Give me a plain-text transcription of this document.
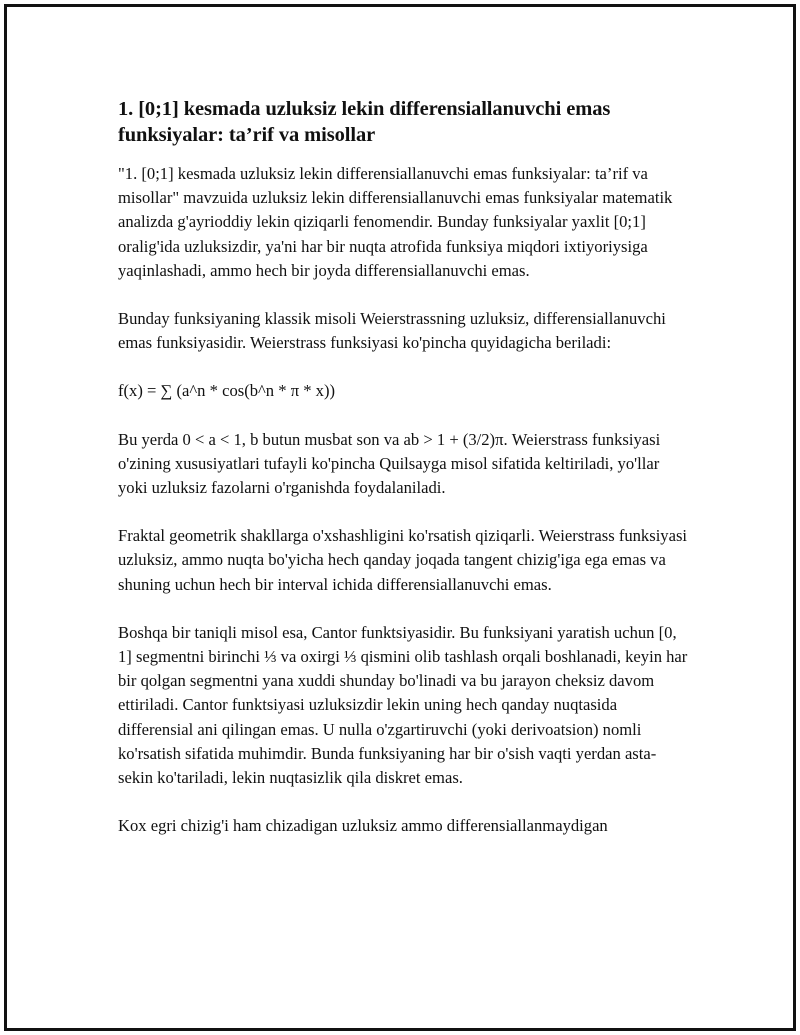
1. [0;1] kesmada uzluksiz lekin differensiallanuvchi emas funksiyalar: ta’rif va misollar

"1. [0;1] kesmada uzluksiz lekin differensiallanuvchi emas funksiyalar: ta’rif va misollar" mavzuida uzluksiz lekin differensiallanuvchi emas funksiyalar matematik analizda g'ayrioddiy lekin qiziqarli fenomendir. Bunday funksiyalar yaxlit [0;1] oralig'ida uzluksizdir, ya'ni har bir nuqta atrofida funksiya miqdori ixtiyoriysiga yaqinlashadi, ammo hech bir joyda differensiallanuvchi emas.

Bunday funksiyaning klassik misoli Weierstrassning uzluksiz, differensiallanuvchi emas funksiyasidir. Weierstrass funksiyasi ko'pincha quyidagicha beriladi:

f(x) = ∑ (a^n * cos(b^n * π * x))

Bu yerda 0 < a < 1, b butun musbat son va ab > 1 + (3/2)π. Weierstrass funksiyasi o'zining xususiyatlari tufayli ko'pincha Quilsayga misol sifatida keltiriladi, yo'llar yoki uzluksiz fazolarni o'rganishda foydalaniladi.

Fraktal geometrik shakllarga o'xshashligini ko'rsatish qiziqarli. Weierstrass funksiyasi uzluksiz, ammo nuqta bo'yicha hech qanday joqada tangent chizig'iga ega emas va shuning uchun hech bir interval ichida differensiallanuvchi emas.

Boshqa bir taniqli misol esa, Cantor funktsiyasidir. Bu funksiyani yaratish uchun [0, 1] segmentni birinchi ⅓ va oxirgi ⅓ qismini olib tashlash orqali boshlanadi, keyin har bir qolgan segmentni yana xuddi shunday bo'linadi va bu jarayon cheksiz davom ettiriladi. Cantor funktsiyasi uzluksizdir lekin uning hech qanday nuqtasida differensial ani qilingan emas. U nulla o'zgartiruvchi (yoki derivoatsion) nomli ko'rsatish sifatida muhimdir. Bunda funksiyaning har bir o'sish vaqti yerdan asta-sekin ko'tariladi, lekin nuqtasizlik qila diskret emas.

Kox egri chizig'i ham chizadigan uzluksiz ammo differensiallanmaydigan
